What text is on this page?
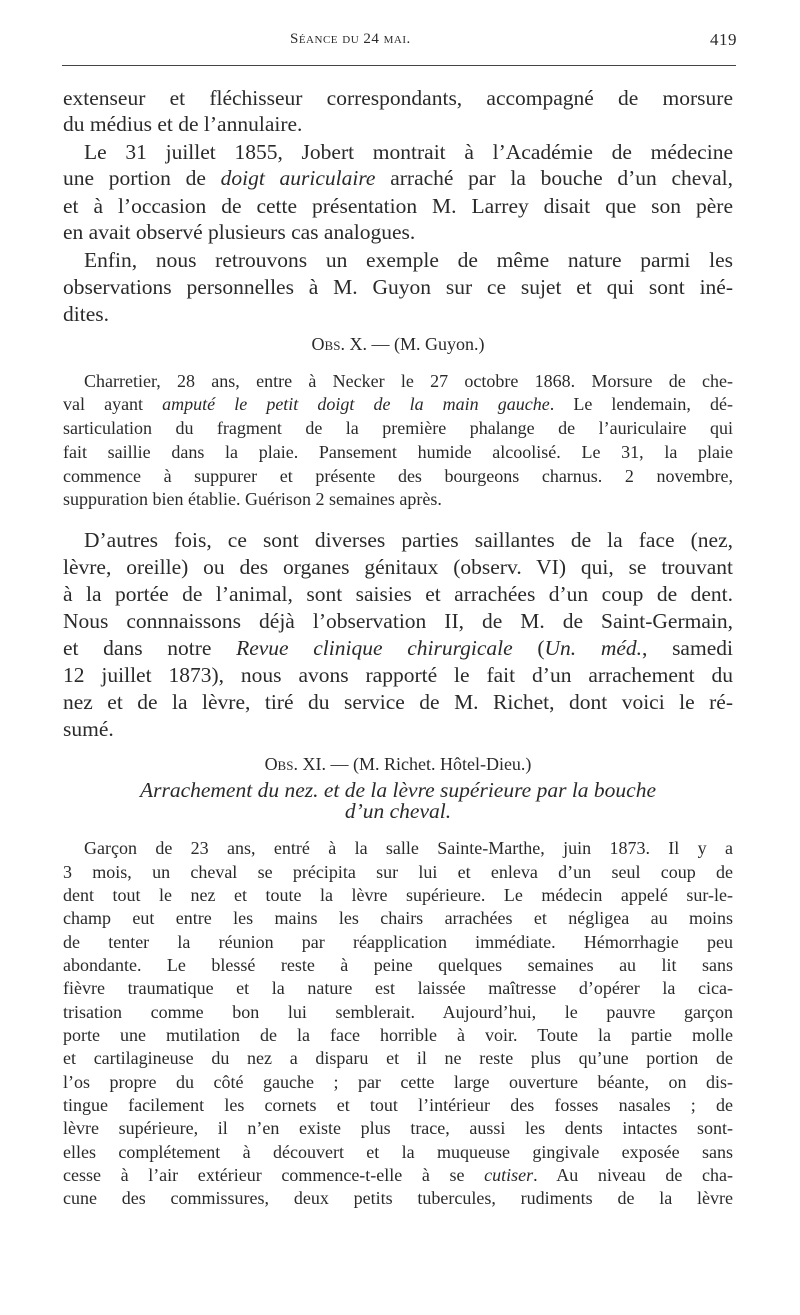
Séance du 24 mai.	419
extenseur et fléchisseur correspondants, accompagné de morsure
du médius et de l’annulaire.
Le 31 juillet 1855, Jobert montrait à l’Académie de médecine
une portion de doigt auriculaire arraché par la bouche d’un cheval,
et à l’occasion de cette présentation M. Larrey disait que son père
en avait observé plusieurs cas analogues.
Enfin, nous retrouvons un exemple de même nature parmi les
observations personnelles à M. Guyon sur ce sujet et qui sont iné-
dites.
Obs. X. — (M. Guyon.)
Charretier, 28 ans, entre à Necker le 27 octobre 1868. Morsure de che-
val ayant amputé le petit doigt de la main gauche. Le lendemain, dé-
sarticulation du fragment de la première phalange de l’auriculaire qui
fait saillie dans la plaie. Pansement humide alcoolisé. Le 31, la plaie
commence à suppurer et présente des bourgeons charnus. 2 novembre,
suppuration bien établie. Guérison 2 semaines après.
D’autres fois, ce sont diverses parties saillantes de la face (nez,
lèvre, oreille) ou des organes génitaux (observ. VI) qui, se trouvant
à la portée de l’animal, sont saisies et arrachées d’un coup de dent.
Nous connnaissons déjà l’observation II, de M. de Saint-Germain,
et dans notre Revue clinique chirurgicale (Un. méd., samedi
12 juillet 1873), nous avons rapporté le fait d’un arrachement du
nez et de la lèvre, tiré du service de M. Richet, dont voici le ré-
sumé.
Obs. XI. — (M. Richet. Hôtel-Dieu.)
Arrachement du nez. et de la lèvre supérieure par la bouche
d’un cheval.
Garçon de 23 ans, entré à la salle Sainte-Marthe, juin 1873. Il y a
3 mois, un cheval se précipita sur lui et enleva d’un seul coup de
dent tout le nez et toute la lèvre supérieure. Le médecin appelé sur-le-
champ eut entre les mains les chairs arrachées et négligea au moins
de tenter la réunion par réapplication immédiate. Hémorrhagie peu
abondante. Le blessé reste à peine quelques semaines au lit sans
fièvre traumatique et la nature est laissée maîtresse d’opérer la cica-
trisation comme bon lui semblerait. Aujourd’hui, le pauvre garçon
porte une mutilation de la face horrible à voir. Toute la partie molle
et cartilagineuse du nez a disparu et il ne reste plus qu’une portion de
l’os propre du côté gauche ; par cette large ouverture béante, on dis-
tingue facilement les cornets et tout l’intérieur des fosses nasales ; de
lèvre supérieure, il n’en existe plus trace, aussi les dents intactes sont-
elles complétement à découvert et la muqueuse gingivale exposée sans
cesse à l’air extérieur commence-t-elle à se cutiser. Au niveau de cha-
cune des commissures, deux petits tubercules, rudiments de la lèvre
